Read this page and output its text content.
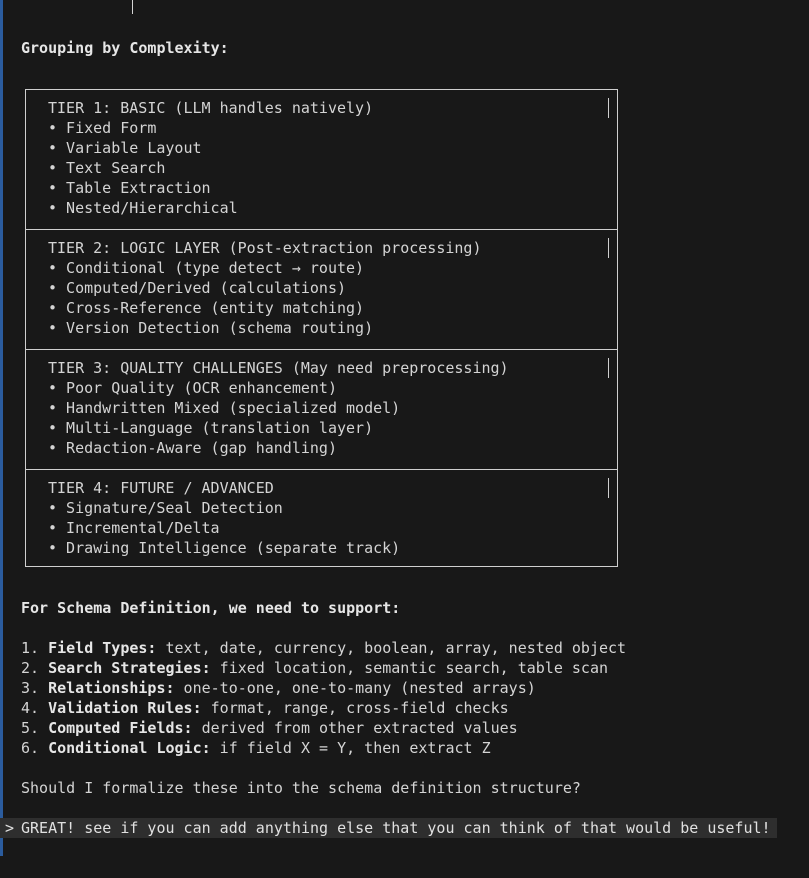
Grouping by Complexity:
TIER 1: BASIC (LLM handles natively)
• Fixed Form
• Variable Layout
• Text Search
• Table Extraction
• Nested/Hierarchical
TIER 2: LOGIC LAYER (Post-extraction processing)
• Conditional (type detect → route)
• Computed/Derived (calculations)
• Cross-Reference (entity matching)
• Version Detection (schema routing)
TIER 3: QUALITY CHALLENGES (May need preprocessing)
• Poor Quality (OCR enhancement)
• Handwritten Mixed (specialized model)
• Multi-Language (translation layer)
• Redaction-Aware (gap handling)
TIER 4: FUTURE / ADVANCED
• Signature/Seal Detection
• Incremental/Delta
• Drawing Intelligence (separate track)
For Schema Definition, we need to support:
1. Field Types: text, date, currency, boolean, array, nested object
2. Search Strategies: fixed location, semantic search, table scan
3. Relationships: one-to-one, one-to-many (nested arrays)
4. Validation Rules: format, range, cross-field checks
5. Computed Fields: derived from other extracted values
6. Conditional Logic: if field X = Y, then extract Z
Should I formalize these into the schema definition structure?

>

GREAT! see if you can add anything else that you can think of that would be useful!
